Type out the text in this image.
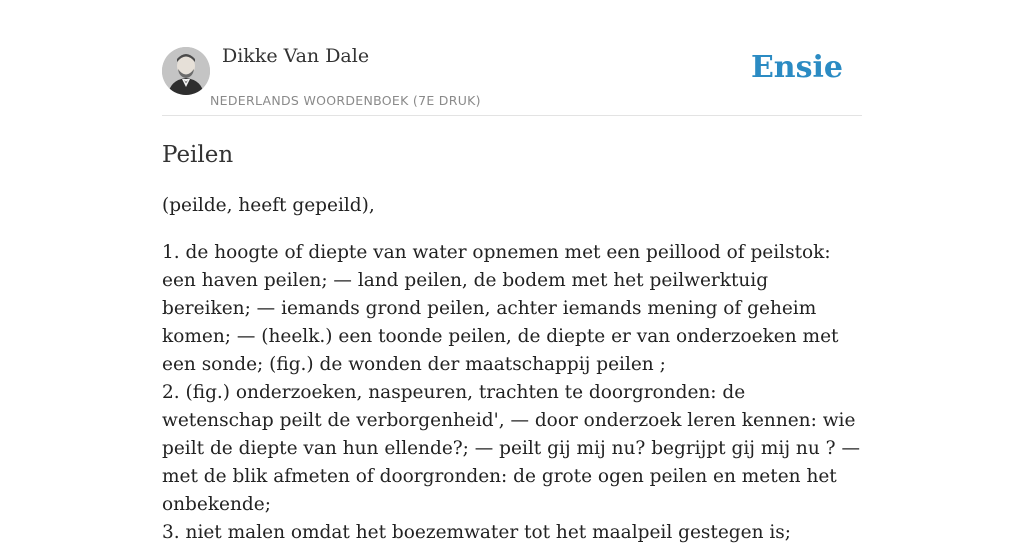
Dikke Van Dale
NEDERLANDS WOORDENBOEK (7E DRUK)
Ensie
Peilen

(peilde, heeft gepeild),

1. de hoogte of diepte van water opnemen met een peillood of peilstok: een haven peilen; — land peilen, de bodem met het peilwerktuig bereiken; — iemands grond peilen, achter iemands mening of geheim komen; — (heelk.) een toonde peilen, de diepte er van onderzoeken met een sonde; (fig.) de wonden der maatschappij peilen ;
2. (fig.) onderzoeken, naspeuren, trachten te doorgronden: de wetenschap peilt de verborgenheid', — door onderzoek leren kennen: wie peilt de diepte van hun ellende?; — peilt gij mij nu? begrijpt gij mij nu ? — met de blik afmeten of doorgronden: de grote ogen peilen en meten het onbekende;
3. niet malen omdat het boezemwater tot het maalpeil gestegen is;
